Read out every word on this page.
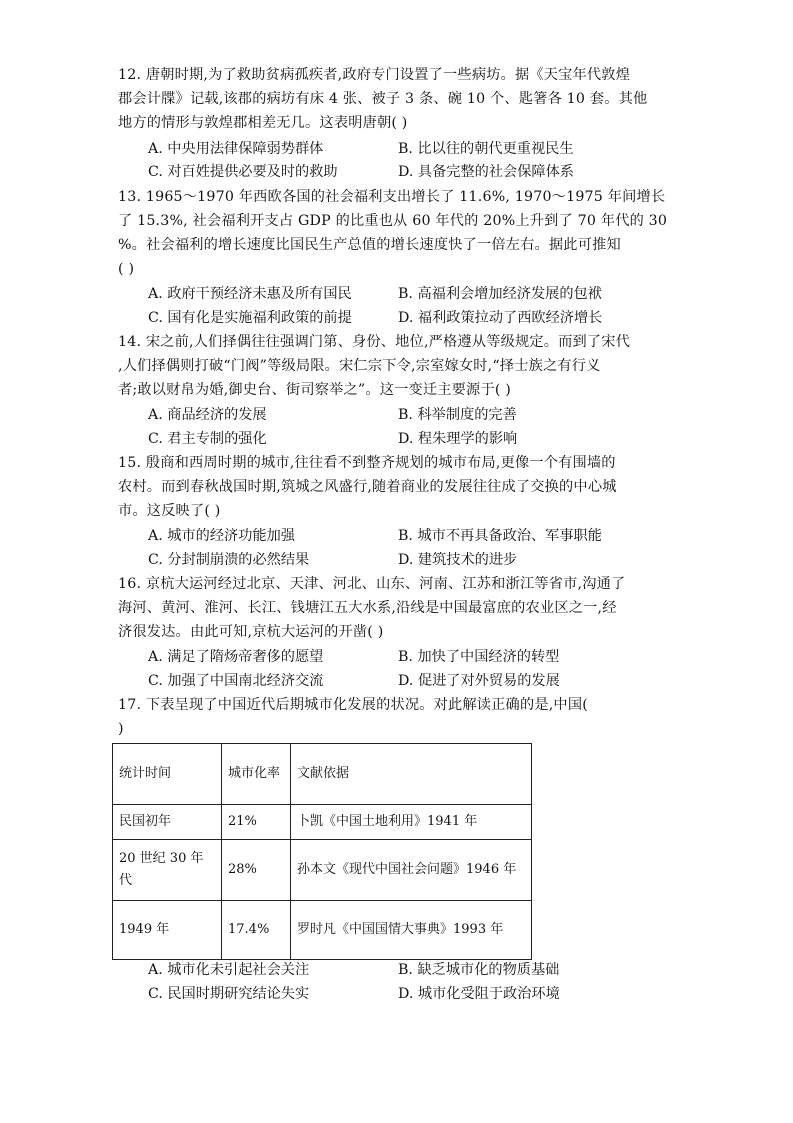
12. 唐朝时期,为了救助贫病孤疾者,政府专门设置了一些病坊。据《天宝年代敦煌
郡会计牒》记载,该郡的病坊有床 4 张、被子 3 条、碗 10 个、匙箸各 10 套。其他
地方的情形与敦煌郡相差无几。这表明唐朝( )
A. 中央用法律保障弱势群体	B. 比以往的朝代更重视民生
C. 对百姓提供必要及时的救助	D. 具备完整的社会保障体系
13. 1965～1970 年西欧各国的社会福利支出增长了 11.6%, 1970～1975 年间增长
了 15.3%, 社会福利开支占 GDP 的比重也从 60 年代的 20%上升到了 70 年代的 30
%。社会福利的增长速度比国民生产总值的增长速度快了一倍左右。据此可推知
( )
A. 政府干预经济未惠及所有国民	B. 高福利会增加经济发展的包袱
C. 国有化是实施福利政策的前提	D. 福利政策拉动了西欧经济增长
14. 宋之前,人们择偶往往强调门第、身份、地位,严格遵从等级规定。而到了宋代
,人们择偶则打破“门阀”等级局限。宋仁宗下令,宗室嫁女时,“择士族之有行义
者;敢以财帛为婚,御史台、街司察举之”。这一变迁主要源于( )
A. 商品经济的发展	B. 科举制度的完善
C. 君主专制的强化	D. 程朱理学的影响
15. 殷商和西周时期的城市,往往看不到整齐规划的城市布局,更像一个有围墙的
农村。而到春秋战国时期,筑城之风盛行,随着商业的发展往往成了交换的中心城
市。这反映了( )
A. 城市的经济功能加强	B. 城市不再具备政治、军事职能
C. 分封制崩溃的必然结果	D. 建筑技术的进步
16. 京杭大运河经过北京、天津、河北、山东、河南、江苏和浙江等省市,沟通了
海河、黄河、淮河、长江、钱塘江五大水系,沿线是中国最富庶的农业区之一,经
济很发达。由此可知,京杭大运河的开凿( )
A. 满足了隋炀帝奢侈的愿望	B. 加快了中国经济的转型
C. 加强了中国南北经济交流	D. 促进了对外贸易的发展
17. 下表呈现了中国近代后期城市化发展的状况。对此解读正确的是,中国(
)
统计时间	城市化率	文献依据
民国初年	21%	卜凯《中国土地利用》1941 年
20 世纪 30 年代	28%	孙本文《现代中国社会问题》1946 年
1949 年	17.4%	罗时凡《中国国情大事典》1993 年
A. 城市化未引起社会关注	B. 缺乏城市化的物质基础
C. 民国时期研究结论失实	D. 城市化受阻于政治环境
